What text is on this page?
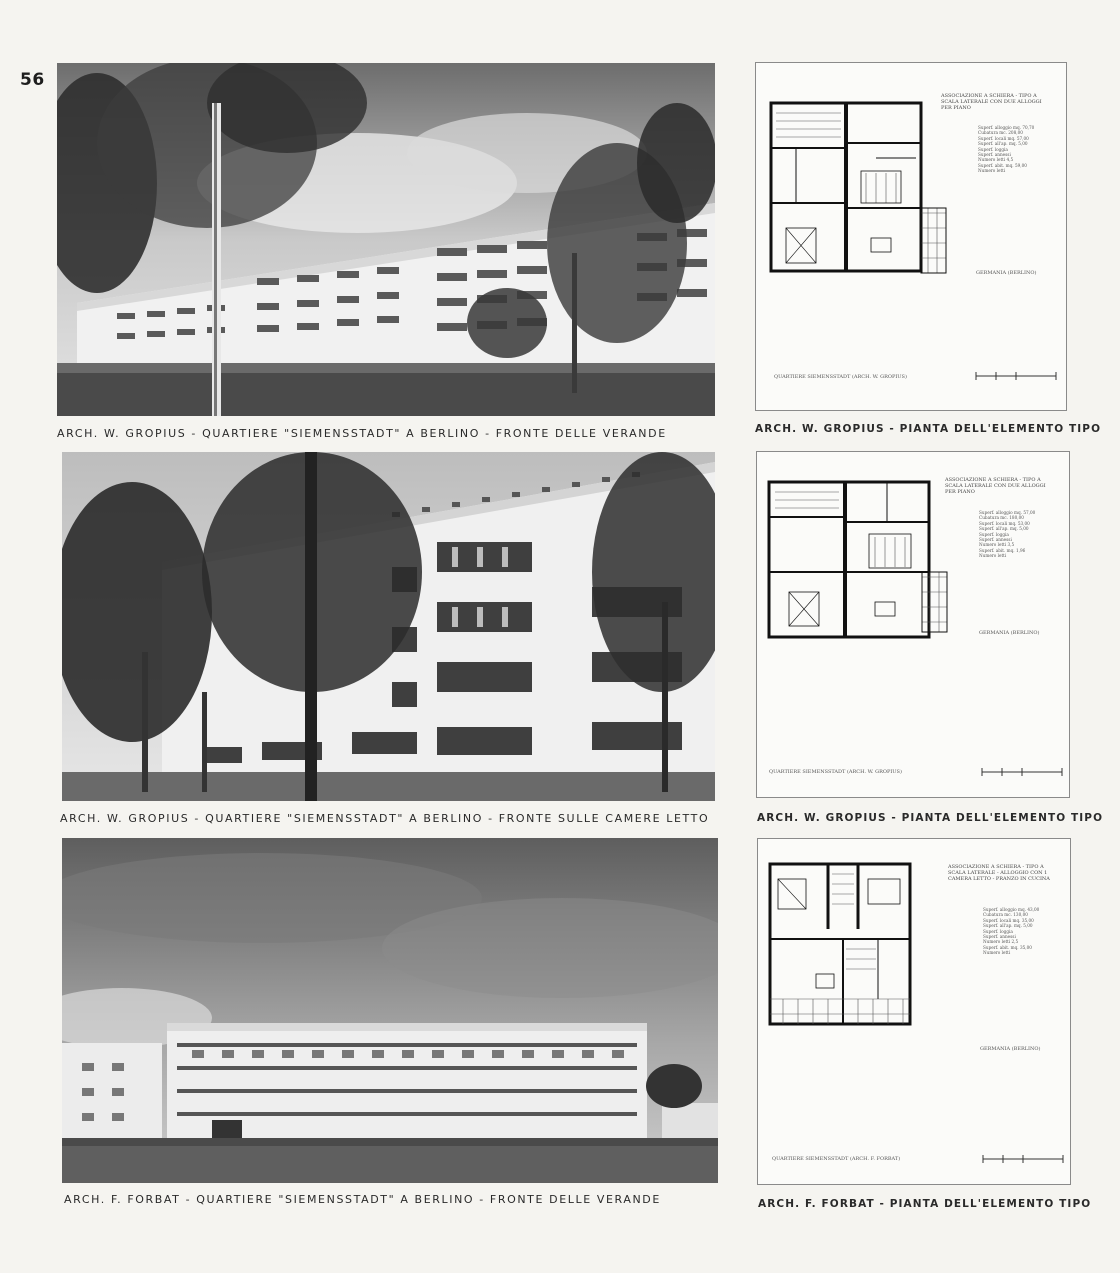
56
ARCH. W. GROPIUS - QUARTIERE "SIEMENSSTADT" A BERLINO - FRONTE DELLE VERANDE
ARCH. W. GROPIUS - QUARTIERE "SIEMENSSTADT" A BERLINO - FRONTE SULLE CAMERE LETTO
ARCH. F. FORBAT - QUARTIERE "SIEMENSSTADT" A BERLINO - FRONTE DELLE VERANDE
ASSOCIAZIONE A SCHIERA - TIPO A SCALA LATERALE CON DUE ALLOGGI PER PIANO
Superf. alloggio mq. 70,70
Cubatura mc. 208,00
Superf. locali mq. 57,00
Superf. all'ap. mq. 5,00
Superf. loggia
Superf. annessi
Numero letti 4,5
Superf. abit. mq. 59,00
Numero letti
GERMANIA (BERLINO)
QUARTIERE SIEMENSSTADT (ARCH. W. GROPIUS)
ARCH. W. GROPIUS - PIANTA DELL'ELEMENTO TIPO
ASSOCIAZIONE A SCHIERA - TIPO A SCALA LATERALE CON DUE ALLOGGI PER PIANO
Superf. alloggio mq. 57,00
Cubatura mc. 180,00
Superf. locali mq. 53,00
Superf. all'ap. mq. 5,00
Superf. loggia
Superf. annessi
Numero letti 3,5
Superf. abit. mq. 1,96
Numero letti
GERMANIA (BERLINO)
QUARTIERE SIEMENSSTADT (ARCH. W. GROPIUS)
ARCH. W. GROPIUS - PIANTA DELL'ELEMENTO TIPO
ASSOCIAZIONE A SCHIERA - TIPO A SCALA LATERALE - ALLOGGIO CON 1 CAMERA LETTO - PRANZO IN CUCINA
Superf. alloggio mq. 43,00
Cubatura mc. 130,00
Superf. locali mq. 35,00
Superf. all'ap. mq. 5,00
Superf. loggia
Superf. annessi
Numero letti 2,5
Superf. abit. mq. 35,00
Numero letti
GERMANIA (BERLINO)
QUARTIERE SIEMENSSTADT (ARCH. F. FORBAT)
ARCH. F. FORBAT - PIANTA DELL'ELEMENTO TIPO
